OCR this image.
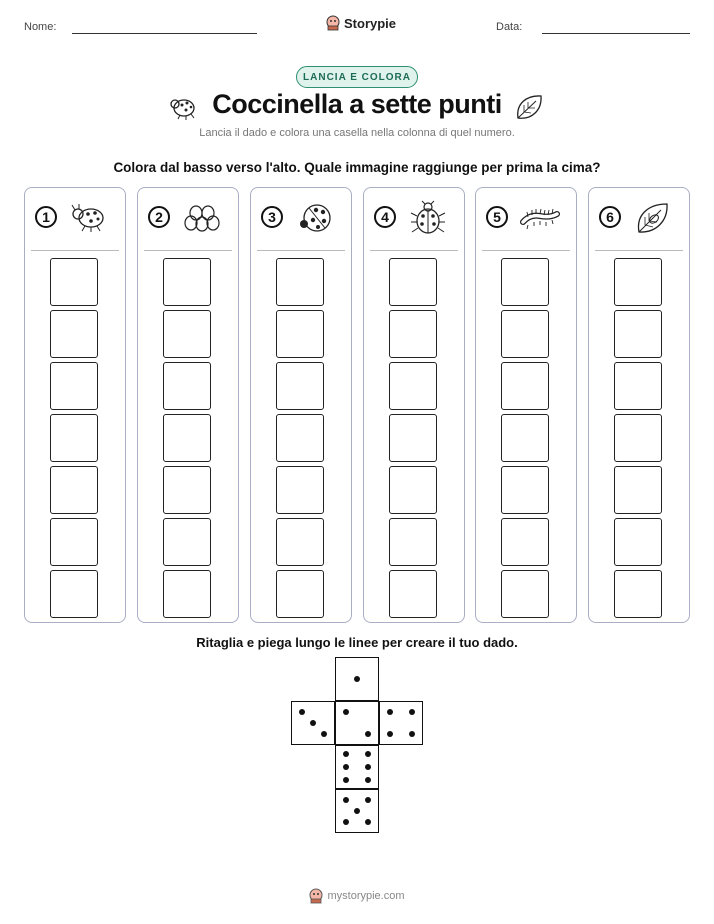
Nome:	Storypie	Data:
LANCIA E COLORA
Coccinella a sette punti
Lancia il dado e colora una casella nella colonna di quel numero.
Colora dal basso verso l'alto. Quale immagine raggiunge per prima la cima?
1	2	3	4	5	6
Ritaglia e piega lungo le linee per creare il tuo dado.
mystorypie.com
